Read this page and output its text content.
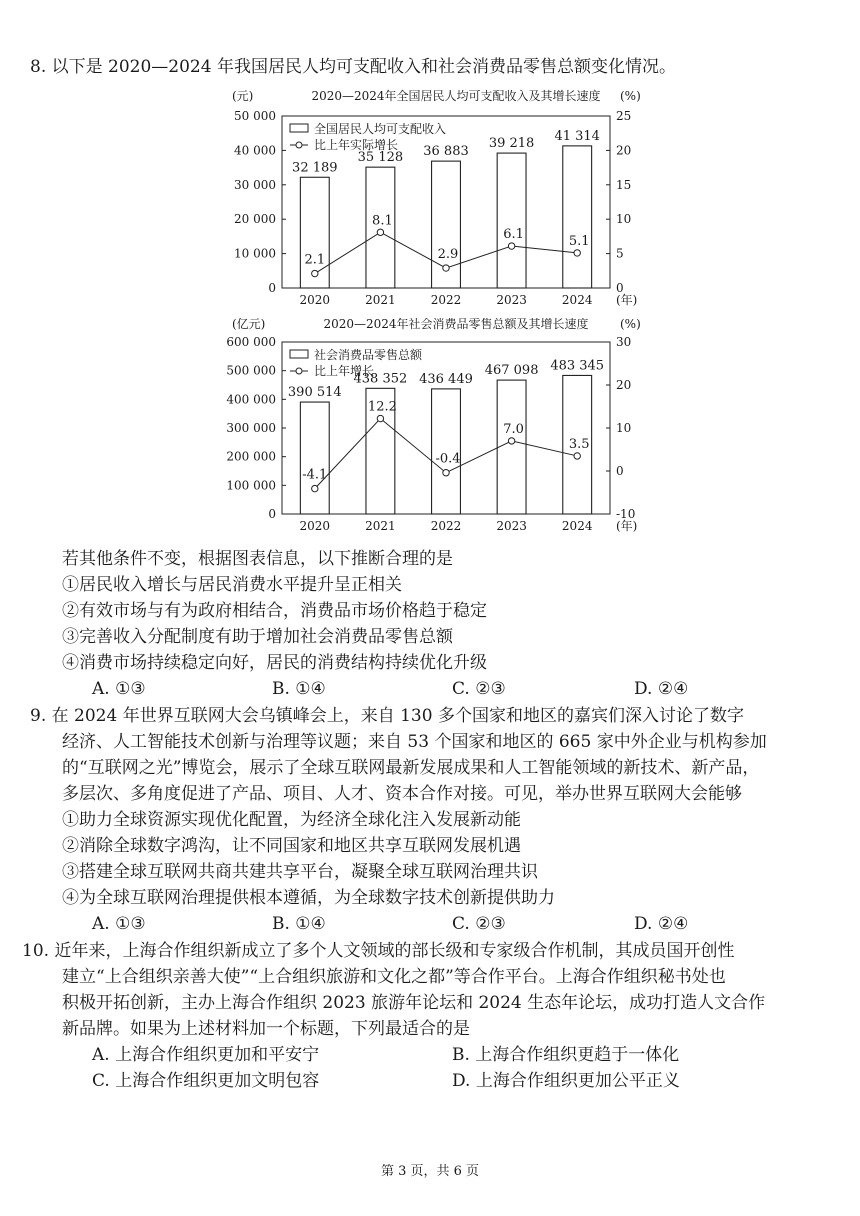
8. 以下是 2020—2024 年我国居民人均可支配收入和社会消费品零售总额变化情况。
2020—2024年全国居民人均可支配收入及其增长速度
(元)	(%)
0
10 000
20 000
30 000
40 000
50 000
0
5
10
15
20
25
2020	2021	2022	2023	2024 (年)
32 189
35 128 36 883
39 218 41 314
2.1
8.1
2.9
6.1	5.1
全国居民人均可支配收入
比上年实际增长
2020—2024年社会消费品零售总额及其增长速度
(亿元)	(%)
0
100 000
200 000
300 000
400 000
500 000
600 000
-10
0
10
20
30
2020	2021	2022	2023	2024 (年)
390 514
438 352 436 449
467 098 483 345
-4.1
12.2
-0.4
7.0
3.5
社会消费品零售总额
比上年增长
若其他条件不变，根据图表信息，以下推断合理的是
①居民收入增长与居民消费水平提升呈正相关
②有效市场与有为政府相结合，消费品市场价格趋于稳定
③完善收入分配制度有助于增加社会消费品零售总额
④消费市场持续稳定向好，居民的消费结构持续优化升级
A. ①③	B. ①④	C. ②③	D. ②④
9. 在 2024 年世界互联网大会乌镇峰会上，来自 130 多个国家和地区的嘉宾们深入讨论了数字
经济、人工智能技术创新与治理等议题；来自 53 个国家和地区的 665 家中外企业与机构参加
的“互联网之光”博览会，展示了全球互联网最新发展成果和人工智能领域的新技术、新产品，
多层次、多角度促进了产品、项目、人才、资本合作对接。可见，举办世界互联网大会能够
①助力全球资源实现优化配置，为经济全球化注入发展新动能
②消除全球数字鸿沟，让不同国家和地区共享互联网发展机遇
③搭建全球互联网共商共建共享平台，凝聚全球互联网治理共识
④为全球互联网治理提供根本遵循，为全球数字技术创新提供助力
A. ①③	B. ①④	C. ②③	D. ②④
10. 近年来，上海合作组织新成立了多个人文领域的部长级和专家级合作机制，其成员国开创性
建立“上合组织亲善大使”“上合组织旅游和文化之都”等合作平台。上海合作组织秘书处也
积极开拓创新，主办上海合作组织 2023 旅游年论坛和 2024 生态年论坛，成功打造人文合作
新品牌。如果为上述材料加一个标题，下列最适合的是
A. 上海合作组织更加和平安宁	B. 上海合作组织更趋于一体化
C. 上海合作组织更加文明包容	D. 上海合作组织更加公平正义
第 3 页，共 6 页
